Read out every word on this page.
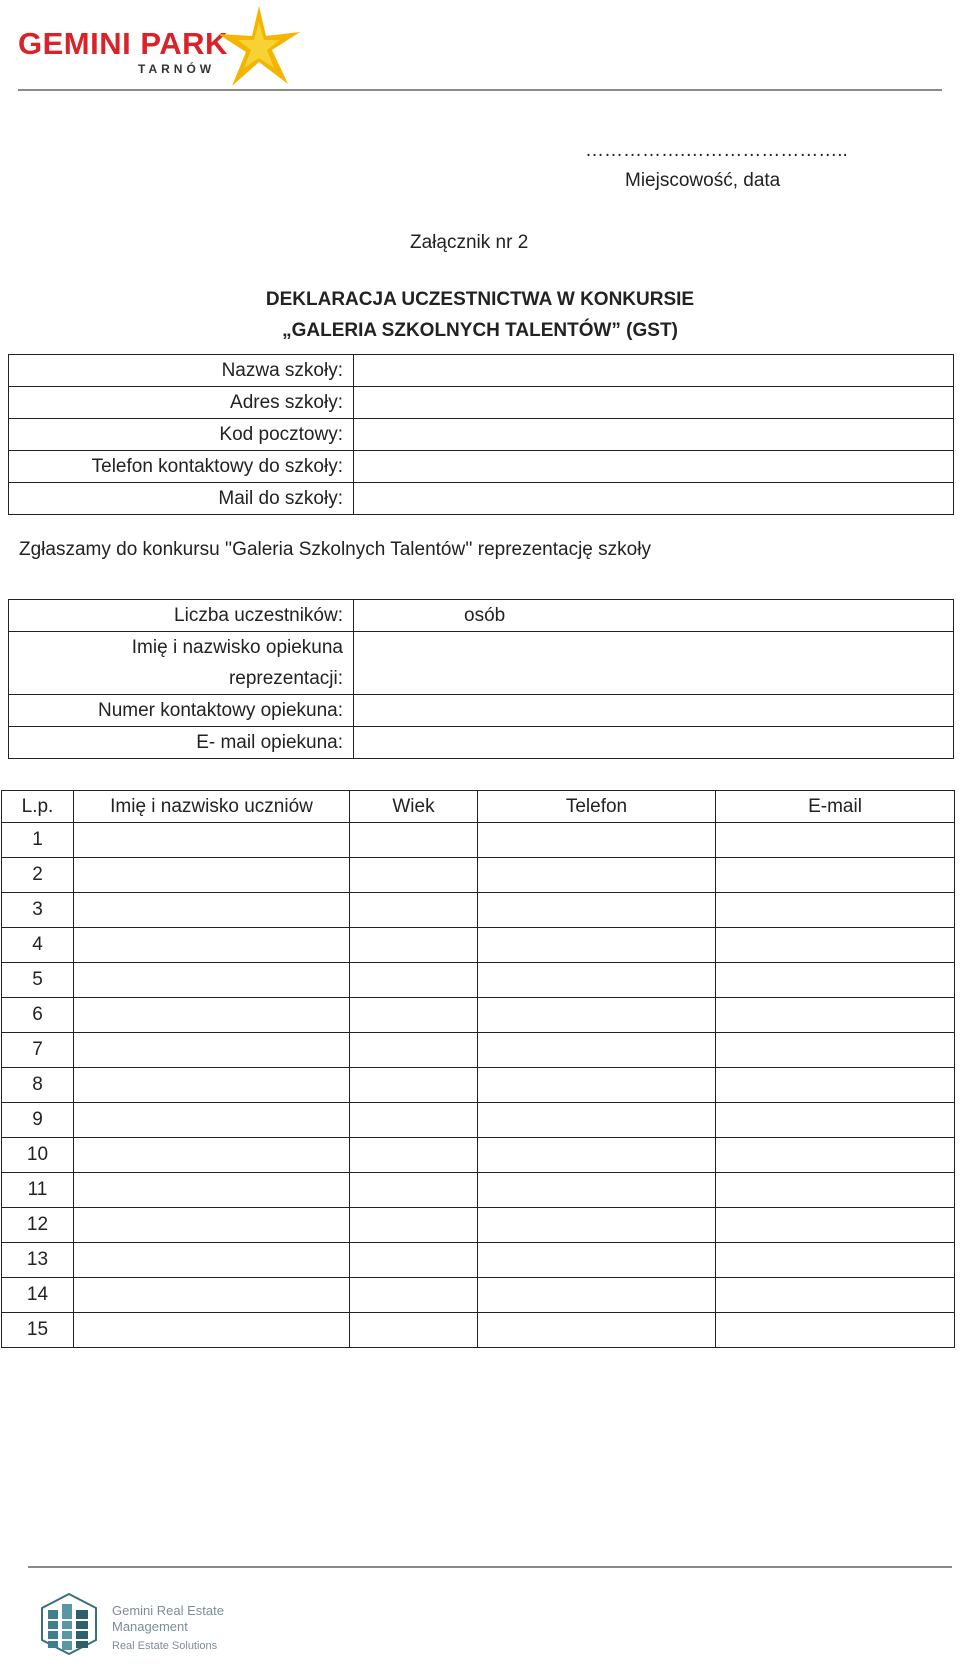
GEMINI PARK
TARNÓW
…………….……………………..
Miejscowość, data
Załącznik nr 2
DEKLARACJA UCZESTNICTWA W KONKURSIE
„GALERIA SZKOLNYCH TALENTÓW” (GST)
Nazwa szkoły:	
Adres szkoły:	
Kod pocztowy:	
Telefon kontaktowy do szkoły:	
Mail do szkoły:	
Zgłaszamy do konkursu ''Galeria Szkolnych Talentów'' reprezentację szkoły
Liczba uczestników:	osób

Imię i nazwisko opiekuna
reprezentacji:	

Numer kontaktowy opiekuna:	
E- mail opiekuna:	
L.p.	Imię i nazwisko uczniów	Wiek	Telefon	E-mail
1				
2				
3				
4				
5				
6				
7				
8				
9				
10				
11				
12				
13				
14				
15				
Gemini Real Estate
Management
Real Estate Solutions
